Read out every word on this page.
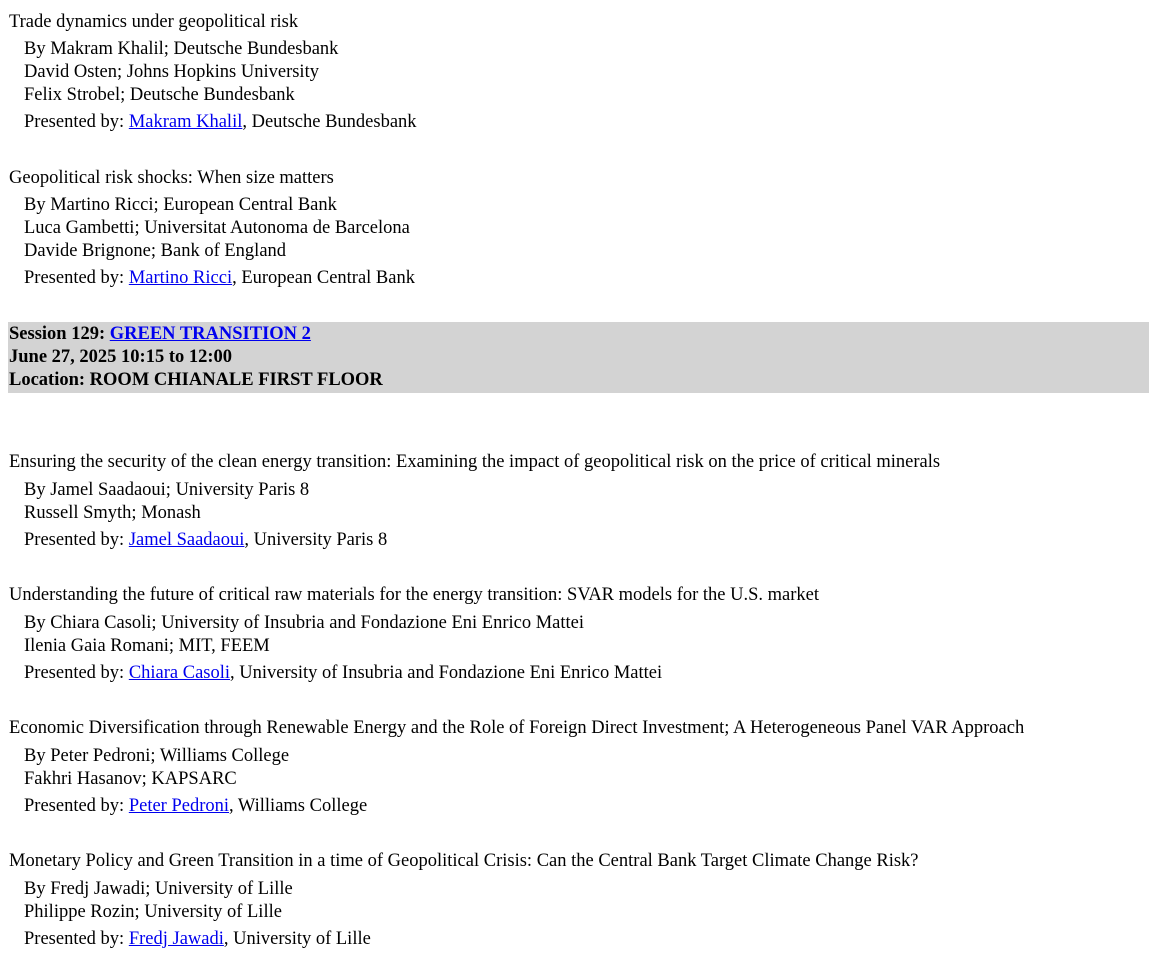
Trade dynamics under geopolitical risk
By Makram Khalil; Deutsche Bundesbank
David Osten; Johns Hopkins University
Felix Strobel; Deutsche Bundesbank
Presented by: Makram Khalil, Deutsche Bundesbank
Geopolitical risk shocks: When size matters
By Martino Ricci; European Central Bank
Luca Gambetti; Universitat Autonoma de Barcelona
Davide Brignone; Bank of England
Presented by: Martino Ricci, European Central Bank
Session 129: GREEN TRANSITION 2
June 27, 2025 10:15 to 12:00
Location: ROOM CHIANALE FIRST FLOOR
Ensuring the security of the clean energy transition: Examining the impact of geopolitical risk on the price of critical minerals
By Jamel Saadaoui; University Paris 8
Russell Smyth; Monash
Presented by: Jamel Saadaoui, University Paris 8
Understanding the future of critical raw materials for the energy transition: SVAR models for the U.S. market
By Chiara Casoli; University of Insubria and Fondazione Eni Enrico Mattei
Ilenia Gaia Romani; MIT, FEEM
Presented by: Chiara Casoli, University of Insubria and Fondazione Eni Enrico Mattei
Economic Diversification through Renewable Energy and the Role of Foreign Direct Investment; A Heterogeneous Panel VAR Approach
By Peter Pedroni; Williams College
Fakhri Hasanov; KAPSARC
Presented by: Peter Pedroni, Williams College
Monetary Policy and Green Transition in a time of Geopolitical Crisis: Can the Central Bank Target Climate Change Risk?
By Fredj Jawadi; University of Lille
Philippe Rozin; University of Lille
Presented by: Fredj Jawadi, University of Lille
